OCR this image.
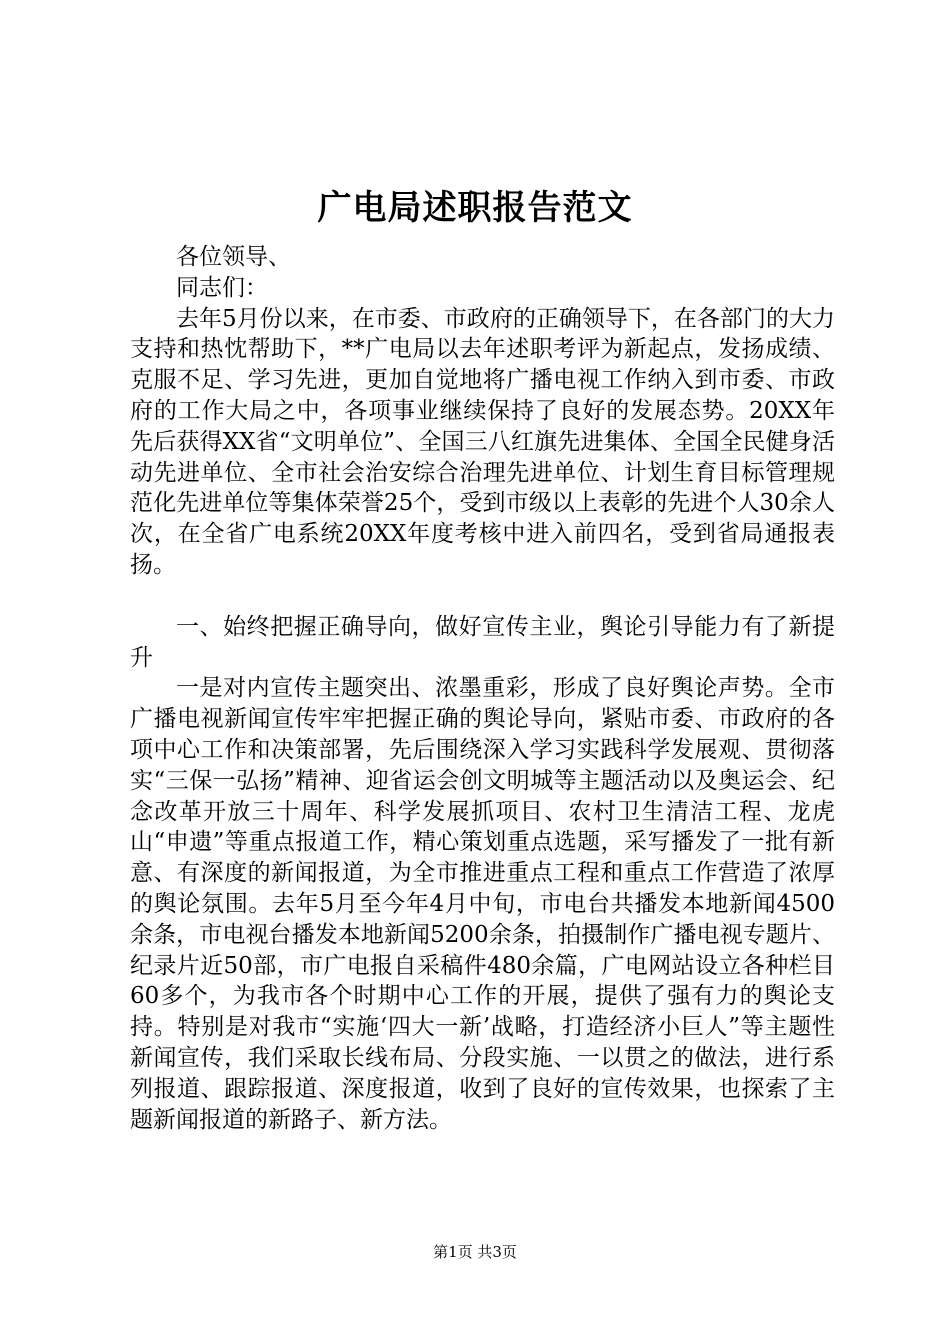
广电局述职报告范文

各位领导、

同志们：

去年5月份以来，在市委、市政府的正确领导下，在各部门的大力支持和热忱帮助下，**广电局以去年述职考评为新起点，发扬成绩、克服不足、学习先进，更加自觉地将广播电视工作纳入到市委、市政府的工作大局之中，各项事业继续保持了良好的发展态势。20XX年先后获得XX省“文明单位”、全国三八红旗先进集体、全国全民健身活动先进单位、全市社会治安综合治理先进单位、计划生育目标管理规范化先进单位等集体荣誉25个，受到市级以上表彰的先进个人30余人次，在全省广电系统20XX年度考核中进入前四名，受到省局通报表扬。

一、始终把握正确导向，做好宣传主业，舆论引导能力有了新提升

一是对内宣传主题突出、浓墨重彩，形成了良好舆论声势。全市广播电视新闻宣传牢牢把握正确的舆论导向，紧贴市委、市政府的各项中心工作和决策部署，先后围绕深入学习实践科学发展观、贯彻落实“三保一弘扬”精神、迎省运会创文明城等主题活动以及奥运会、纪念改革开放三十周年、科学发展抓项目、农村卫生清洁工程、龙虎山“申遗”等重点报道工作，精心策划重点选题，采写播发了一批有新意、有深度的新闻报道，为全市推进重点工程和重点工作营造了浓厚的舆论氛围。去年5月至今年4月中旬，市电台共播发本地新闻4500余条，市电视台播发本地新闻5200余条，拍摄制作广播电视专题片、纪录片近50部，市广电报自采稿件480余篇，广电网站设立各种栏目60多个，为我市各个时期中心工作的开展，提供了强有力的舆论支持。特别是对我市“实施‘四大一新’战略，打造经济小巨人”等主题性新闻宣传，我们采取长线布局、分段实施、一以贯之的做法，进行系列报道、跟踪报道、深度报道，收到了良好的宣传效果，也探索了主题新闻报道的新路子、新方法。

第1页 共3页
